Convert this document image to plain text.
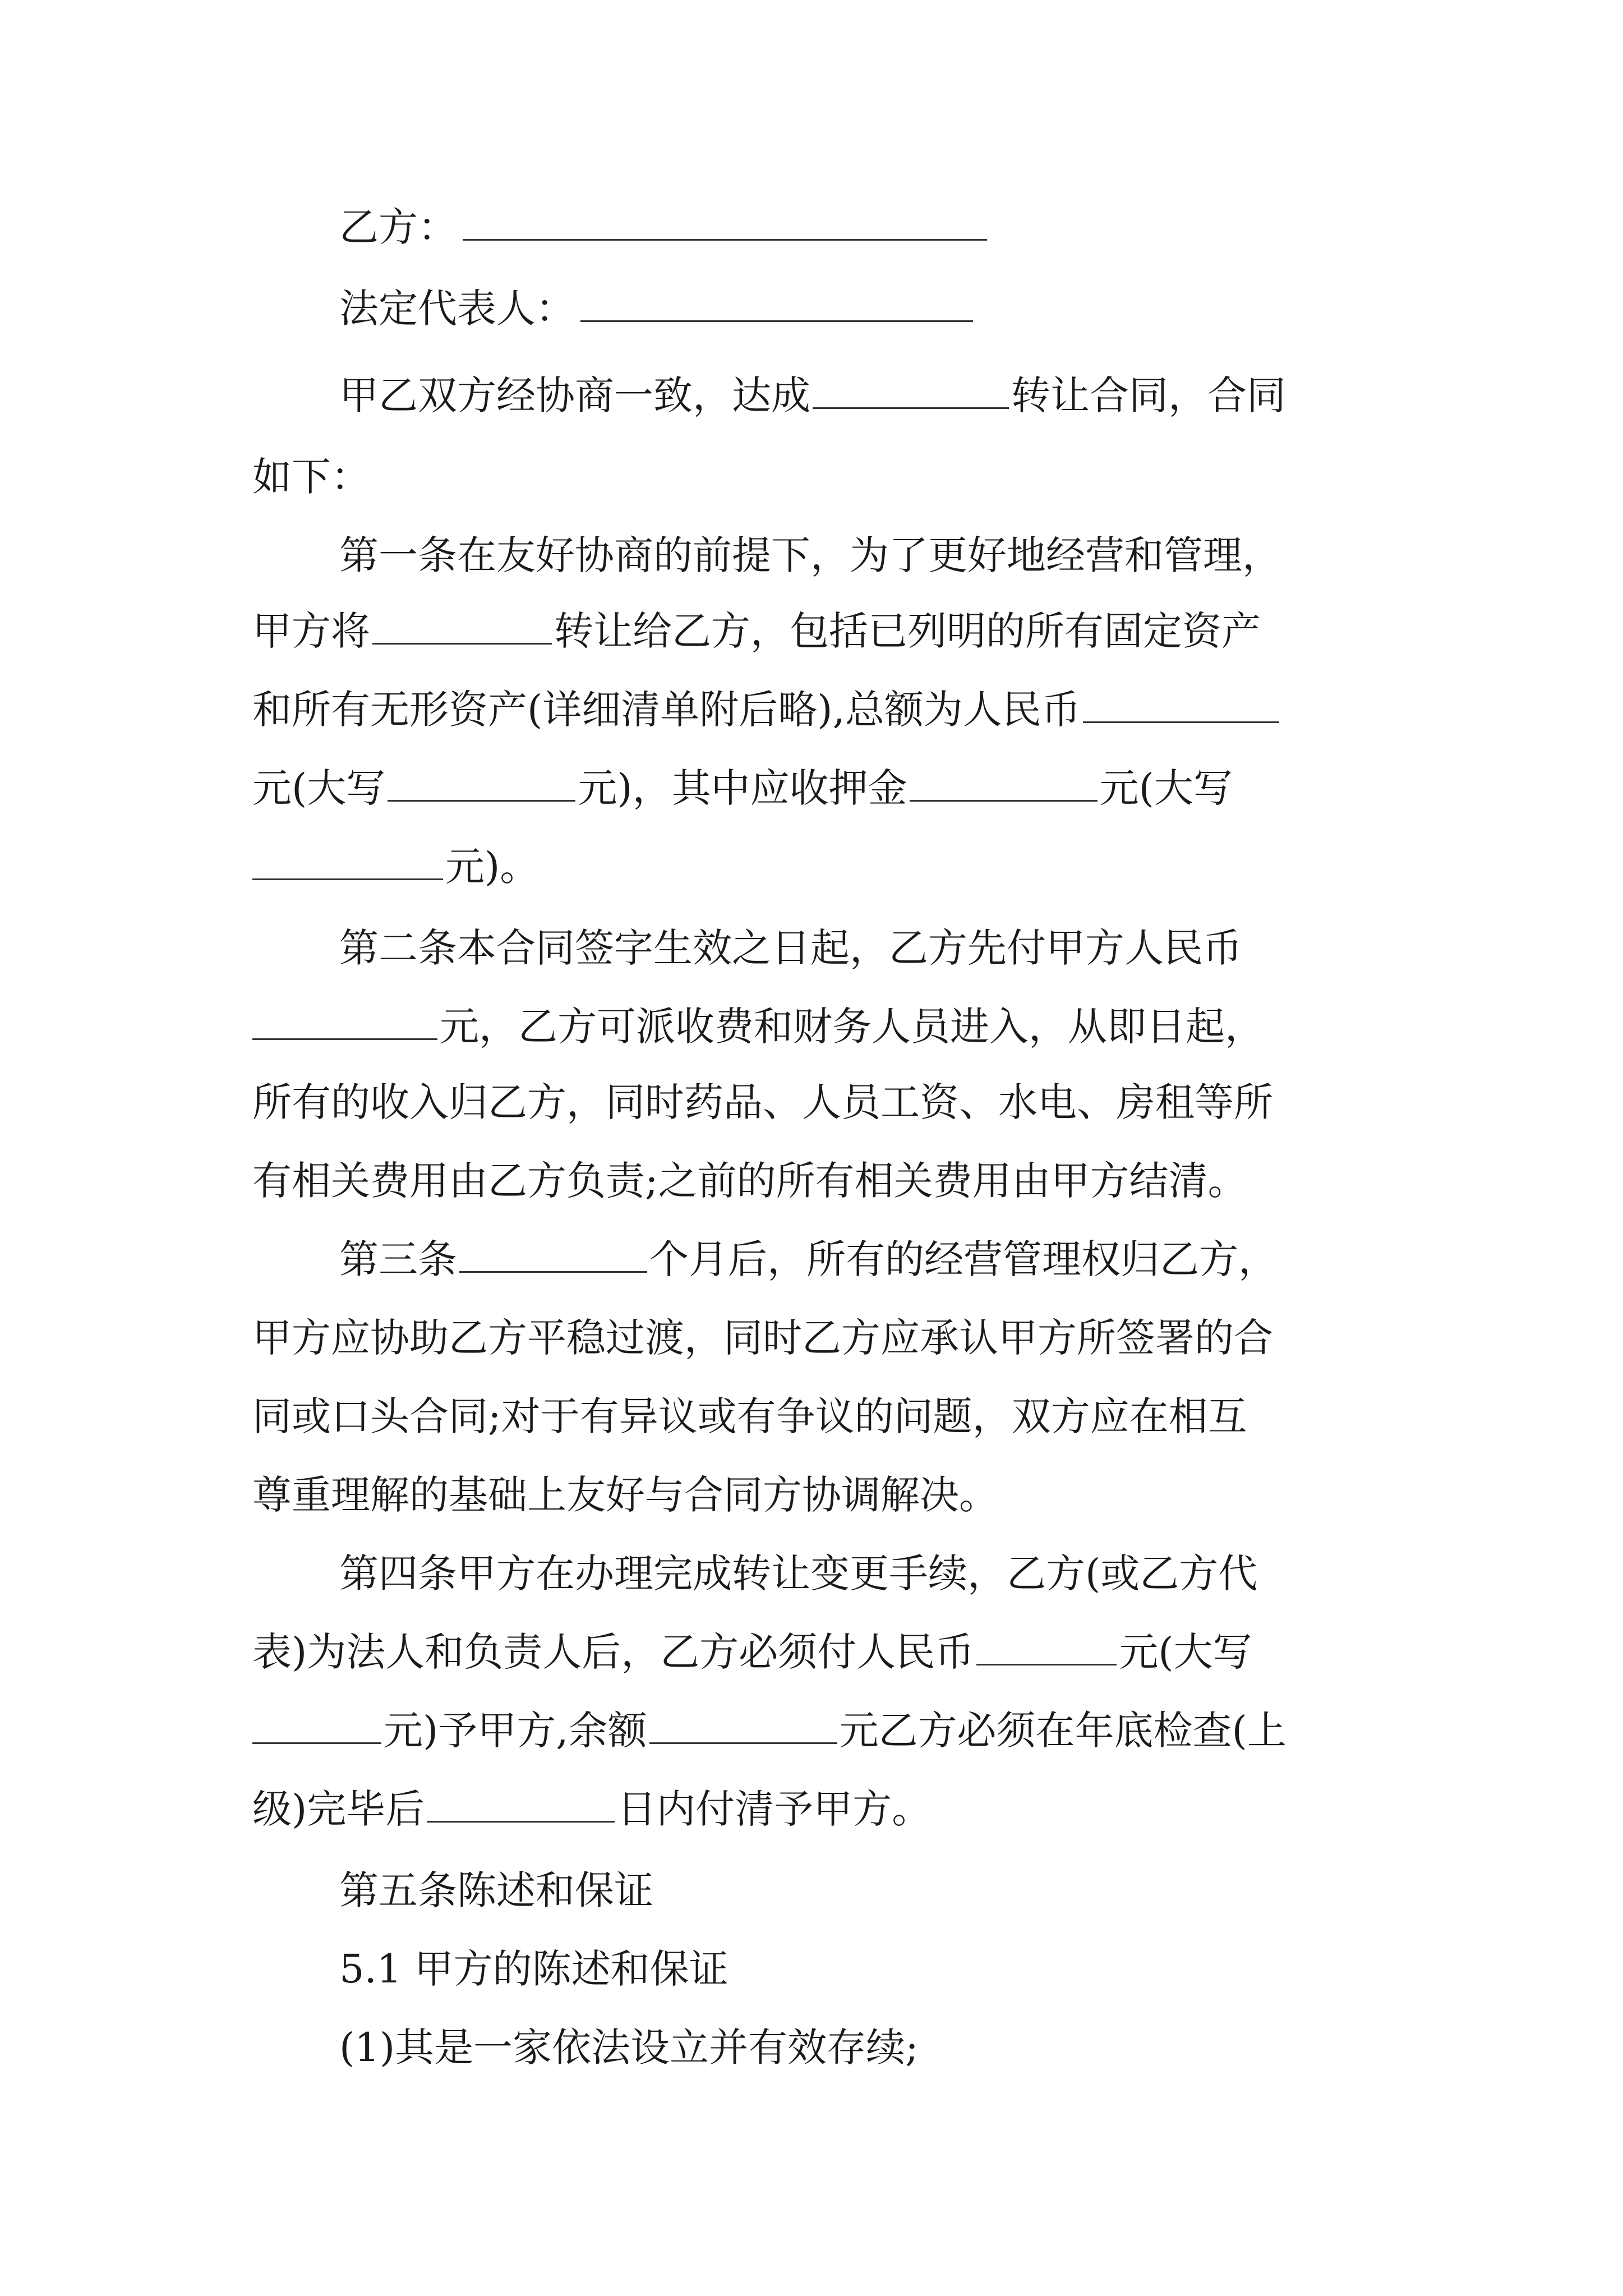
乙方：
法定代表人：
甲乙双方经协商一致，达成	转让合同，合同
如下：
第一条在友好协商的前提下，为了更好地经营和管理，
甲方将	转让给乙方，包括已列明的所有固定资产
和所有无形资产(详细清单附后略),总额为人民币
元(大写	元)，其中应收押金	元(大写
元)。
第二条本合同签字生效之日起，乙方先付甲方人民币
元，乙方可派收费和财务人员进入，从即日起，
所有的收入归乙方，同时药品、人员工资、水电、房租等所
有相关费用由乙方负责;之前的所有相关费用由甲方结清。
第三条	个月后，所有的经营管理权归乙方，
甲方应协助乙方平稳过渡，同时乙方应承认甲方所签署的合
同或口头合同;对于有异议或有争议的问题，双方应在相互
尊重理解的基础上友好与合同方协调解决。
第四条甲方在办理完成转让变更手续，乙方(或乙方代
表)为法人和负责人后，乙方必须付人民币	元(大写
元)予甲方,余额	元乙方必须在年底检查(上
级)完毕后	日内付清予甲方。
第五条陈述和保证
5.1 甲方的陈述和保证
(1)其是一家依法设立并有效存续;
